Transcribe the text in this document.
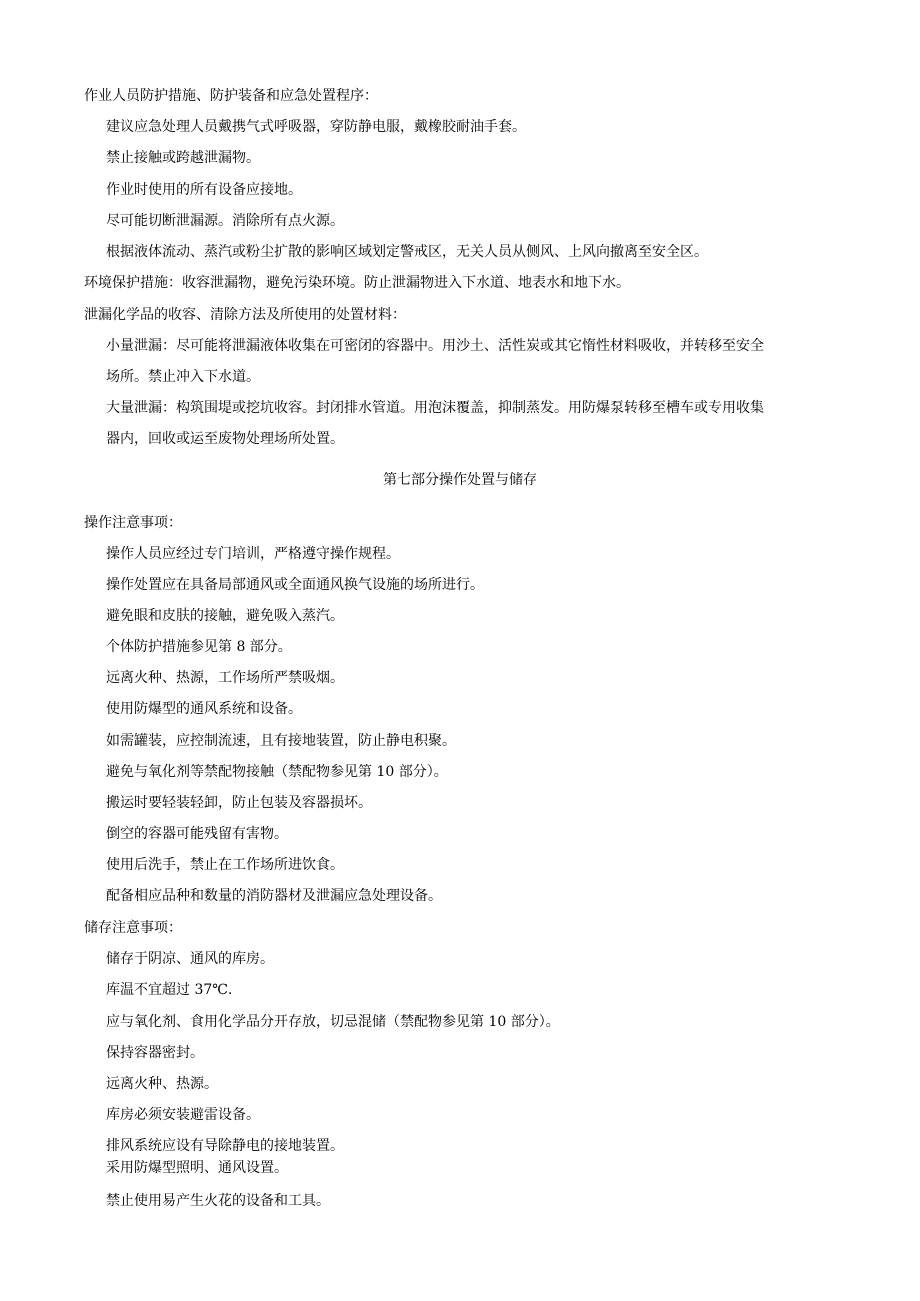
作业人员防护措施、防护装备和应急处置程序：
建议应急处理人员戴携气式呼吸器，穿防静电服，戴橡胶耐油手套。
禁止接触或跨越泄漏物。
作业时使用的所有设备应接地。
尽可能切断泄漏源。消除所有点火源。
根据液体流动、蒸汽或粉尘扩散的影响区域划定警戒区，无关人员从侧风、上风向撤离至安全区。
环境保护措施：收容泄漏物，避免污染环境。防止泄漏物进入下水道、地表水和地下水。
泄漏化学品的收容、清除方法及所使用的处置材料：
小量泄漏：尽可能将泄漏液体收集在可密闭的容器中。用沙土、活性炭或其它惰性材料吸收，并转移至安全
场所。禁止冲入下水道。
大量泄漏：构筑围堤或挖坑收容。封闭排水管道。用泡沫覆盖，抑制蒸发。用防爆泵转移至槽车或专用收集
器内，回收或运至废物处理场所处置。
第七部分操作处置与储存
操作注意事项：
操作人员应经过专门培训，严格遵守操作规程。
操作处置应在具备局部通风或全面通风换气设施的场所进行。
避免眼和皮肤的接触，避免吸入蒸汽。
个体防护措施参见第 8 部分。
远离火种、热源，工作场所严禁吸烟。
使用防爆型的通风系统和设备。
如需罐装，应控制流速，且有接地装置，防止静电积聚。
避免与氧化剂等禁配物接触（禁配物参见第 10 部分）。
搬运时要轻装轻卸，防止包装及容器损坏。
倒空的容器可能残留有害物。
使用后洗手，禁止在工作场所进饮食。
配备相应品种和数量的消防器材及泄漏应急处理设备。
储存注意事项：
储存于阴凉、通风的库房。
库温不宜超过 37℃.
应与氧化剂、食用化学品分开存放，切忌混储（禁配物参见第 10 部分）。
保持容器密封。
远离火种、热源。
库房必须安装避雷设备。
排风系统应设有导除静电的接地装置。
采用防爆型照明、通风设置。
禁止使用易产生火花的设备和工具。
